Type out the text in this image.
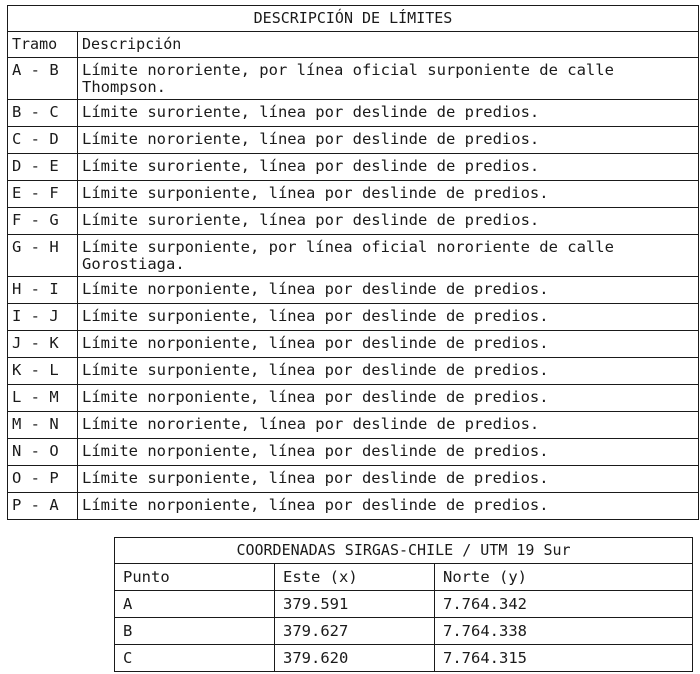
DESCRIPCIÓN DE LÍMITES	
Tramo	Descripción
A - B	Límite nororiente, por línea oficial surponiente de calle Thompson.
B - C	Límite suroriente, línea por deslinde de predios.
C - D	Límite nororiente, línea por deslinde de predios.
D - E	Límite suroriente, línea por deslinde de predios.
E - F	Límite surponiente, línea por deslinde de predios.
F - G	Límite suroriente, línea por deslinde de predios.
G - H	Límite surponiente, por línea oficial nororiente de calle Gorostiaga.
H - I	Límite norponiente, línea por deslinde de predios.
I - J	Límite surponiente, línea por deslinde de predios.
J - K	Límite norponiente, línea por deslinde de predios.
K - L	Límite surponiente, línea por deslinde de predios.
L - M	Límite norponiente, línea por deslinde de predios.
M - N	Límite nororiente, línea por deslinde de predios.
N - O	Límite norponiente, línea por deslinde de predios.
O - P	Límite surponiente, línea por deslinde de predios.
P - A	Límite norponiente, línea por deslinde de predios.
COORDENADAS SIRGAS-CHILE / UTM 19 Sur		
Punto	Este (x)	Norte (y)
A	379.591	7.764.342
B	379.627	7.764.338
C	379.620	7.764.315
